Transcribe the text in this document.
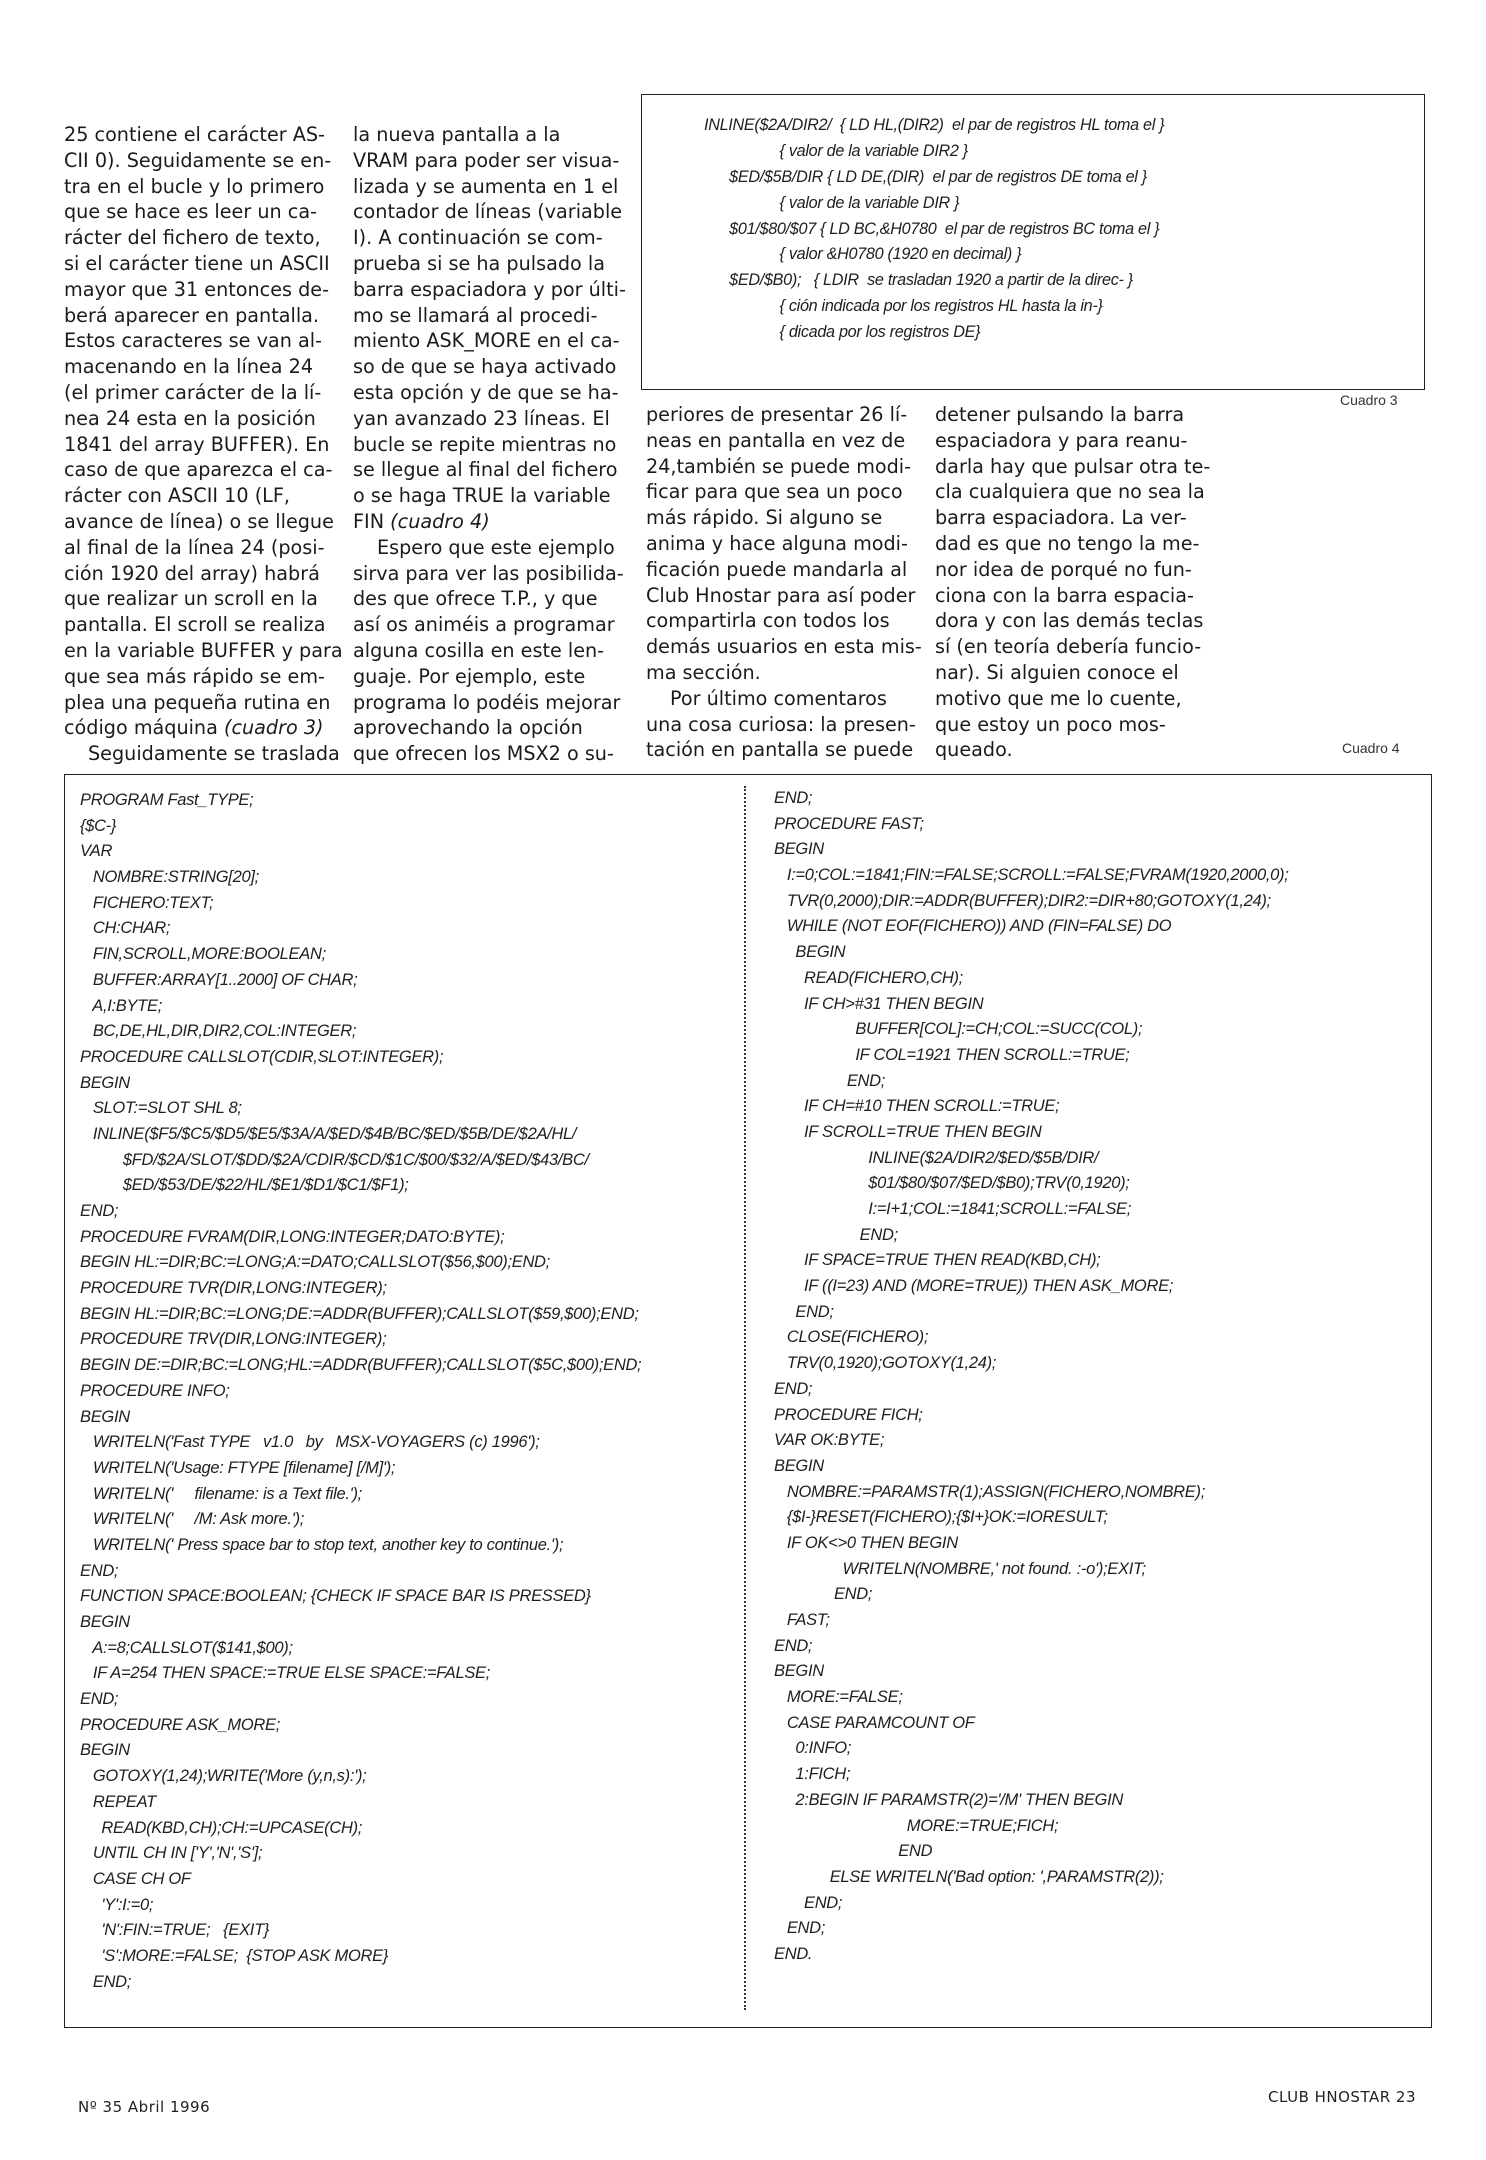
25 contiene el carácter AS-
CII 0). Seguidamente se en-
tra en el bucle y lo primero
que se hace es leer un ca-
rácter del fichero de texto,
si el carácter tiene un ASCII
mayor que 31 entonces de-
berá aparecer en pantalla.
Estos caracteres se van al-
macenando en la línea 24
(el primer carácter de la lí-
nea 24 esta en la posición
1841 del array BUFFER). En
caso de que aparezca el ca-
rácter con ASCII 10 (LF,
avance de línea) o se llegue
al final de la línea 24 (posi-
ción 1920 del array) habrá
que realizar un scroll en la
pantalla. El scroll se realiza
en la variable BUFFER y para
que sea más rápido se em-
plea una pequeña rutina en
código máquina (cuadro 3)
Seguidamente se traslada
la nueva pantalla a la
VRAM para poder ser visua-
lizada y se aumenta en 1 el
contador de líneas (variable
I). A continuación se com-
prueba si se ha pulsado la
barra espaciadora y por últi-
mo se llamará al procedi-
miento ASK_MORE en el ca-
so de que se haya activado
esta opción y de que se ha-
yan avanzado 23 líneas. El
bucle se repite mientras no
se llegue al final del fichero
o se haga TRUE la variable
FIN (cuadro 4)
Espero que este ejemplo
sirva para ver las posibilida-
des que ofrece T.P., y que
así os animéis a programar
alguna cosilla en este len-
guaje. Por ejemplo, este
programa lo podéis mejorar
aprovechando la opción
que ofrecen los MSX2 o su-
periores de presentar 26 lí-
neas en pantalla en vez de
24,también se puede modi-
ficar para que sea un poco
más rápido. Si alguno se
anima y hace alguna modi-
ficación puede mandarla al
Club Hnostar para así poder
compartirla con todos los
demás usuarios en esta mis-
ma sección.
Por último comentaros
una cosa curiosa: la presen-
tación en pantalla se puede
detener pulsando la barra
espaciadora y para reanu-
darla hay que pulsar otra te-
cla cualquiera que no sea la
barra espaciadora. La ver-
dad es que no tengo la me-
nor idea de porqué no fun-
ciona con la barra espacia-
dora y con las demás teclas
sí (en teoría debería funcio-
nar). Si alguien conoce el
motivo que me lo cuente,
que estoy un poco mos-
queado.
INLINE($2A/DIR2/  { LD HL,(DIR2)  el par de registros HL toma el }
{ valor de la variable DIR2 }
$ED/$5B/DIR { LD DE,(DIR)  el par de registros DE toma el }
{ valor de la variable DIR }
$01/$80/$07 { LD BC,&H0780  el par de registros BC toma el }
{ valor &H0780 (1920 en decimal) }
$ED/$B0);   { LDIR  se trasladan 1920 a partir de la direc- }
{ ción indicada por los registros HL hasta la in-}
{ dicada por los registros DE}
Cuadro 3
Cuadro 4
PROGRAM Fast_TYPE;
{$C-}
VAR
NOMBRE:STRING[20];
FICHERO:TEXT;
CH:CHAR;
FIN,SCROLL,MORE:BOOLEAN;
BUFFER:ARRAY[1..2000] OF CHAR;
A,I:BYTE;
BC,DE,HL,DIR,DIR2,COL:INTEGER;
PROCEDURE CALLSLOT(CDIR,SLOT:INTEGER);
BEGIN
SLOT:=SLOT SHL 8;
INLINE($F5/$C5/$D5/$E5/$3A/A/$ED/$4B/BC/$ED/$5B/DE/$2A/HL/
$FD/$2A/SLOT/$DD/$2A/CDIR/$CD/$1C/$00/$32/A/$ED/$43/BC/
$ED/$53/DE/$22/HL/$E1/$D1/$C1/$F1);
END;
PROCEDURE FVRAM(DIR,LONG:INTEGER;DATO:BYTE);
BEGIN HL:=DIR;BC:=LONG;A:=DATO;CALLSLOT($56,$00);END;
PROCEDURE TVR(DIR,LONG:INTEGER);
BEGIN HL:=DIR;BC:=LONG;DE:=ADDR(BUFFER);CALLSLOT($59,$00);END;
PROCEDURE TRV(DIR,LONG:INTEGER);
BEGIN DE:=DIR;BC:=LONG;HL:=ADDR(BUFFER);CALLSLOT($5C,$00);END;
PROCEDURE INFO;
BEGIN
WRITELN('Fast TYPE   v1.0   by   MSX-VOYAGERS (c) 1996');
WRITELN('Usage: FTYPE [filename] [/M]');
WRITELN('     filename: is a Text file.');
WRITELN('     /M: Ask more.');
WRITELN(' Press space bar to stop text, another key to continue.');
END;
FUNCTION SPACE:BOOLEAN; {CHECK IF SPACE BAR IS PRESSED}
BEGIN
A:=8;CALLSLOT($141,$00);
IF A=254 THEN SPACE:=TRUE ELSE SPACE:=FALSE;
END;
PROCEDURE ASK_MORE;
BEGIN
GOTOXY(1,24);WRITE('More (y,n,s):');
REPEAT
READ(KBD,CH);CH:=UPCASE(CH);
UNTIL CH IN ['Y','N','S'];
CASE CH OF
'Y':I:=0;
'N':FIN:=TRUE;   {EXIT}
'S':MORE:=FALSE;  {STOP ASK MORE}
END;
END;
PROCEDURE FAST;
BEGIN
I:=0;COL:=1841;FIN:=FALSE;SCROLL:=FALSE;FVRAM(1920,2000,0);
TVR(0,2000);DIR:=ADDR(BUFFER);DIR2:=DIR+80;GOTOXY(1,24);
WHILE (NOT EOF(FICHERO)) AND (FIN=FALSE) DO
BEGIN
READ(FICHERO,CH);
IF CH>#31 THEN BEGIN
BUFFER[COL]:=CH;COL:=SUCC(COL);
IF COL=1921 THEN SCROLL:=TRUE;
END;
IF CH=#10 THEN SCROLL:=TRUE;
IF SCROLL=TRUE THEN BEGIN
INLINE($2A/DIR2/$ED/$5B/DIR/
$01/$80/$07/$ED/$B0);TRV(0,1920);
I:=I+1;COL:=1841;SCROLL:=FALSE;
END;
IF SPACE=TRUE THEN READ(KBD,CH);
IF ((I=23) AND (MORE=TRUE)) THEN ASK_MORE;
END;
CLOSE(FICHERO);
TRV(0,1920);GOTOXY(1,24);
END;
PROCEDURE FICH;
VAR OK:BYTE;
BEGIN
NOMBRE:=PARAMSTR(1);ASSIGN(FICHERO,NOMBRE);
{$I-}RESET(FICHERO);{$I+}OK:=IORESULT;
IF OK<>0 THEN BEGIN
WRITELN(NOMBRE,' not found. :-o');EXIT;
END;
FAST;
END;
BEGIN
MORE:=FALSE;
CASE PARAMCOUNT OF
0:INFO;
1:FICH;
2:BEGIN IF PARAMSTR(2)='/M' THEN BEGIN
MORE:=TRUE;FICH;
END
ELSE WRITELN('Bad option: ',PARAMSTR(2));
END;
END;
END.
Nº 35 Abril 1996
CLUB HNOSTAR 23
